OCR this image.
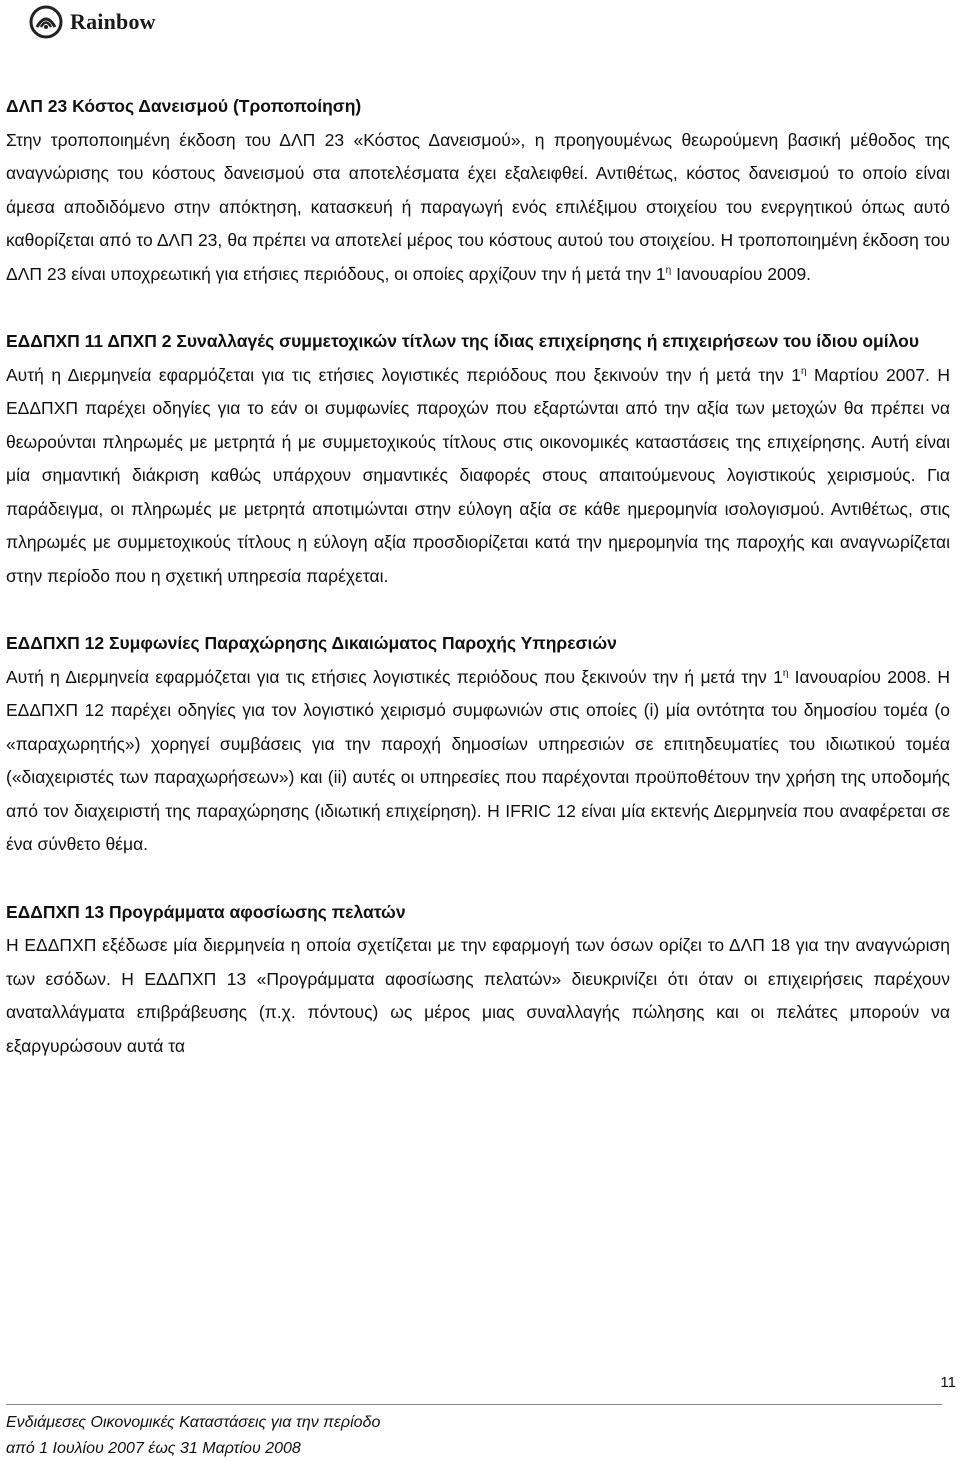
Rainbow
ΔΛΠ 23 Κόστος Δανεισμού (Τροποποίηση)
Στην τροποποιημένη έκδοση του ΔΛΠ 23 «Κόστος Δανεισμού», η προηγουμένως θεωρούμενη βασική μέθοδος της αναγνώρισης του κόστους δανεισμού στα αποτελέσματα έχει εξαλειφθεί. Αντιθέτως, κόστος δανεισμού το οποίο είναι άμεσα αποδιδόμενο στην απόκτηση, κατασκευή ή παραγωγή ενός επιλέξιμου στοιχείου του ενεργητικού όπως αυτό καθορίζεται από το ΔΛΠ 23, θα πρέπει να αποτελεί μέρος του κόστους αυτού του στοιχείου. Η τροποποιημένη έκδοση του ΔΛΠ 23 είναι υποχρεωτική για ετήσιες περιόδους, οι οποίες αρχίζουν την ή μετά την $1^\eta$ Ιανουαρίου 2009.
ΕΔΔΠΧΠ 11 ΔΠΧΠ 2 Συναλλαγές συμμετοχικών τίτλων της ίδιας επιχείρησης ή επιχειρήσεων του ίδιου ομίλου
Αυτή η Διερμηνεία εφαρμόζεται για τις ετήσιες λογιστικές περιόδους που ξεκινούν την ή μετά την $1^\eta$ Μαρτίου 2007. Η ΕΔΔΠΧΠ παρέχει οδηγίες για το εάν οι συμφωνίες παροχών που εξαρτώνται από την αξία των μετοχών θα πρέπει να θεωρούνται πληρωμές με μετρητά ή με συμμετοχικούς τίτλους στις οικονομικές καταστάσεις της επιχείρησης. Αυτή είναι μία σημαντική διάκριση καθώς υπάρχουν σημαντικές διαφορές στους απαιτούμενους λογιστικούς χειρισμούς. Για παράδειγμα, οι πληρωμές με μετρητά αποτιμώνται στην εύλογη αξία σε κάθε ημερομηνία ισολογισμού. Αντιθέτως, στις πληρωμές με συμμετοχικούς τίτλους η εύλογη αξία προσδιορίζεται κατά την ημερομηνία της παροχής και αναγνωρίζεται στην περίοδο που η σχετική υπηρεσία παρέχεται.
ΕΔΔΠΧΠ 12 Συμφωνίες Παραχώρησης Δικαιώματος Παροχής Υπηρεσιών
Αυτή η Διερμηνεία εφαρμόζεται για τις ετήσιες λογιστικές περιόδους που ξεκινούν την ή μετά την $1^\eta$ Ιανουαρίου 2008. Η ΕΔΔΠΧΠ 12 παρέχει οδηγίες για τον λογιστικό χειρισμό συμφωνιών στις οποίες (i) μία οντότητα του δημοσίου τομέα (ο «παραχωρητής») χορηγεί συμβάσεις για την παροχή δημοσίων υπηρεσιών σε επιτηδευματίες του ιδιωτικού τομέα («διαχειριστές των παραχωρήσεων») και (ii) αυτές οι υπηρεσίες που παρέχονται προϋποθέτουν την χρήση της υποδομής από τον διαχειριστή της παραχώρησης (ιδιωτική επιχείρηση). Η IFRIC 12 είναι μία εκτενής Διερμηνεία που αναφέρεται σε ένα σύνθετο θέμα.
ΕΔΔΠΧΠ 13 Προγράμματα αφοσίωσης πελατών
Η ΕΔΔΠΧΠ εξέδωσε μία διερμηνεία η οποία σχετίζεται με την εφαρμογή των όσων ορίζει το ΔΛΠ 18 για την αναγνώριση των εσόδων. Η ΕΔΔΠΧΠ 13 «Προγράμματα αφοσίωσης πελατών» διευκρινίζει ότι όταν οι επιχειρήσεις παρέχουν αναταλλάγματα επιβράβευσης (π.χ. πόντους) ως μέρος μιας συναλλαγής πώλησης και οι πελάτες μπορούν να εξαργυρώσουν αυτά τα
11
Ενδιάμεσες Οικονομικές Καταστάσεις για την περίοδο
από 1 Ιουλίου 2007 έως 31 Μαρτίου 2008
